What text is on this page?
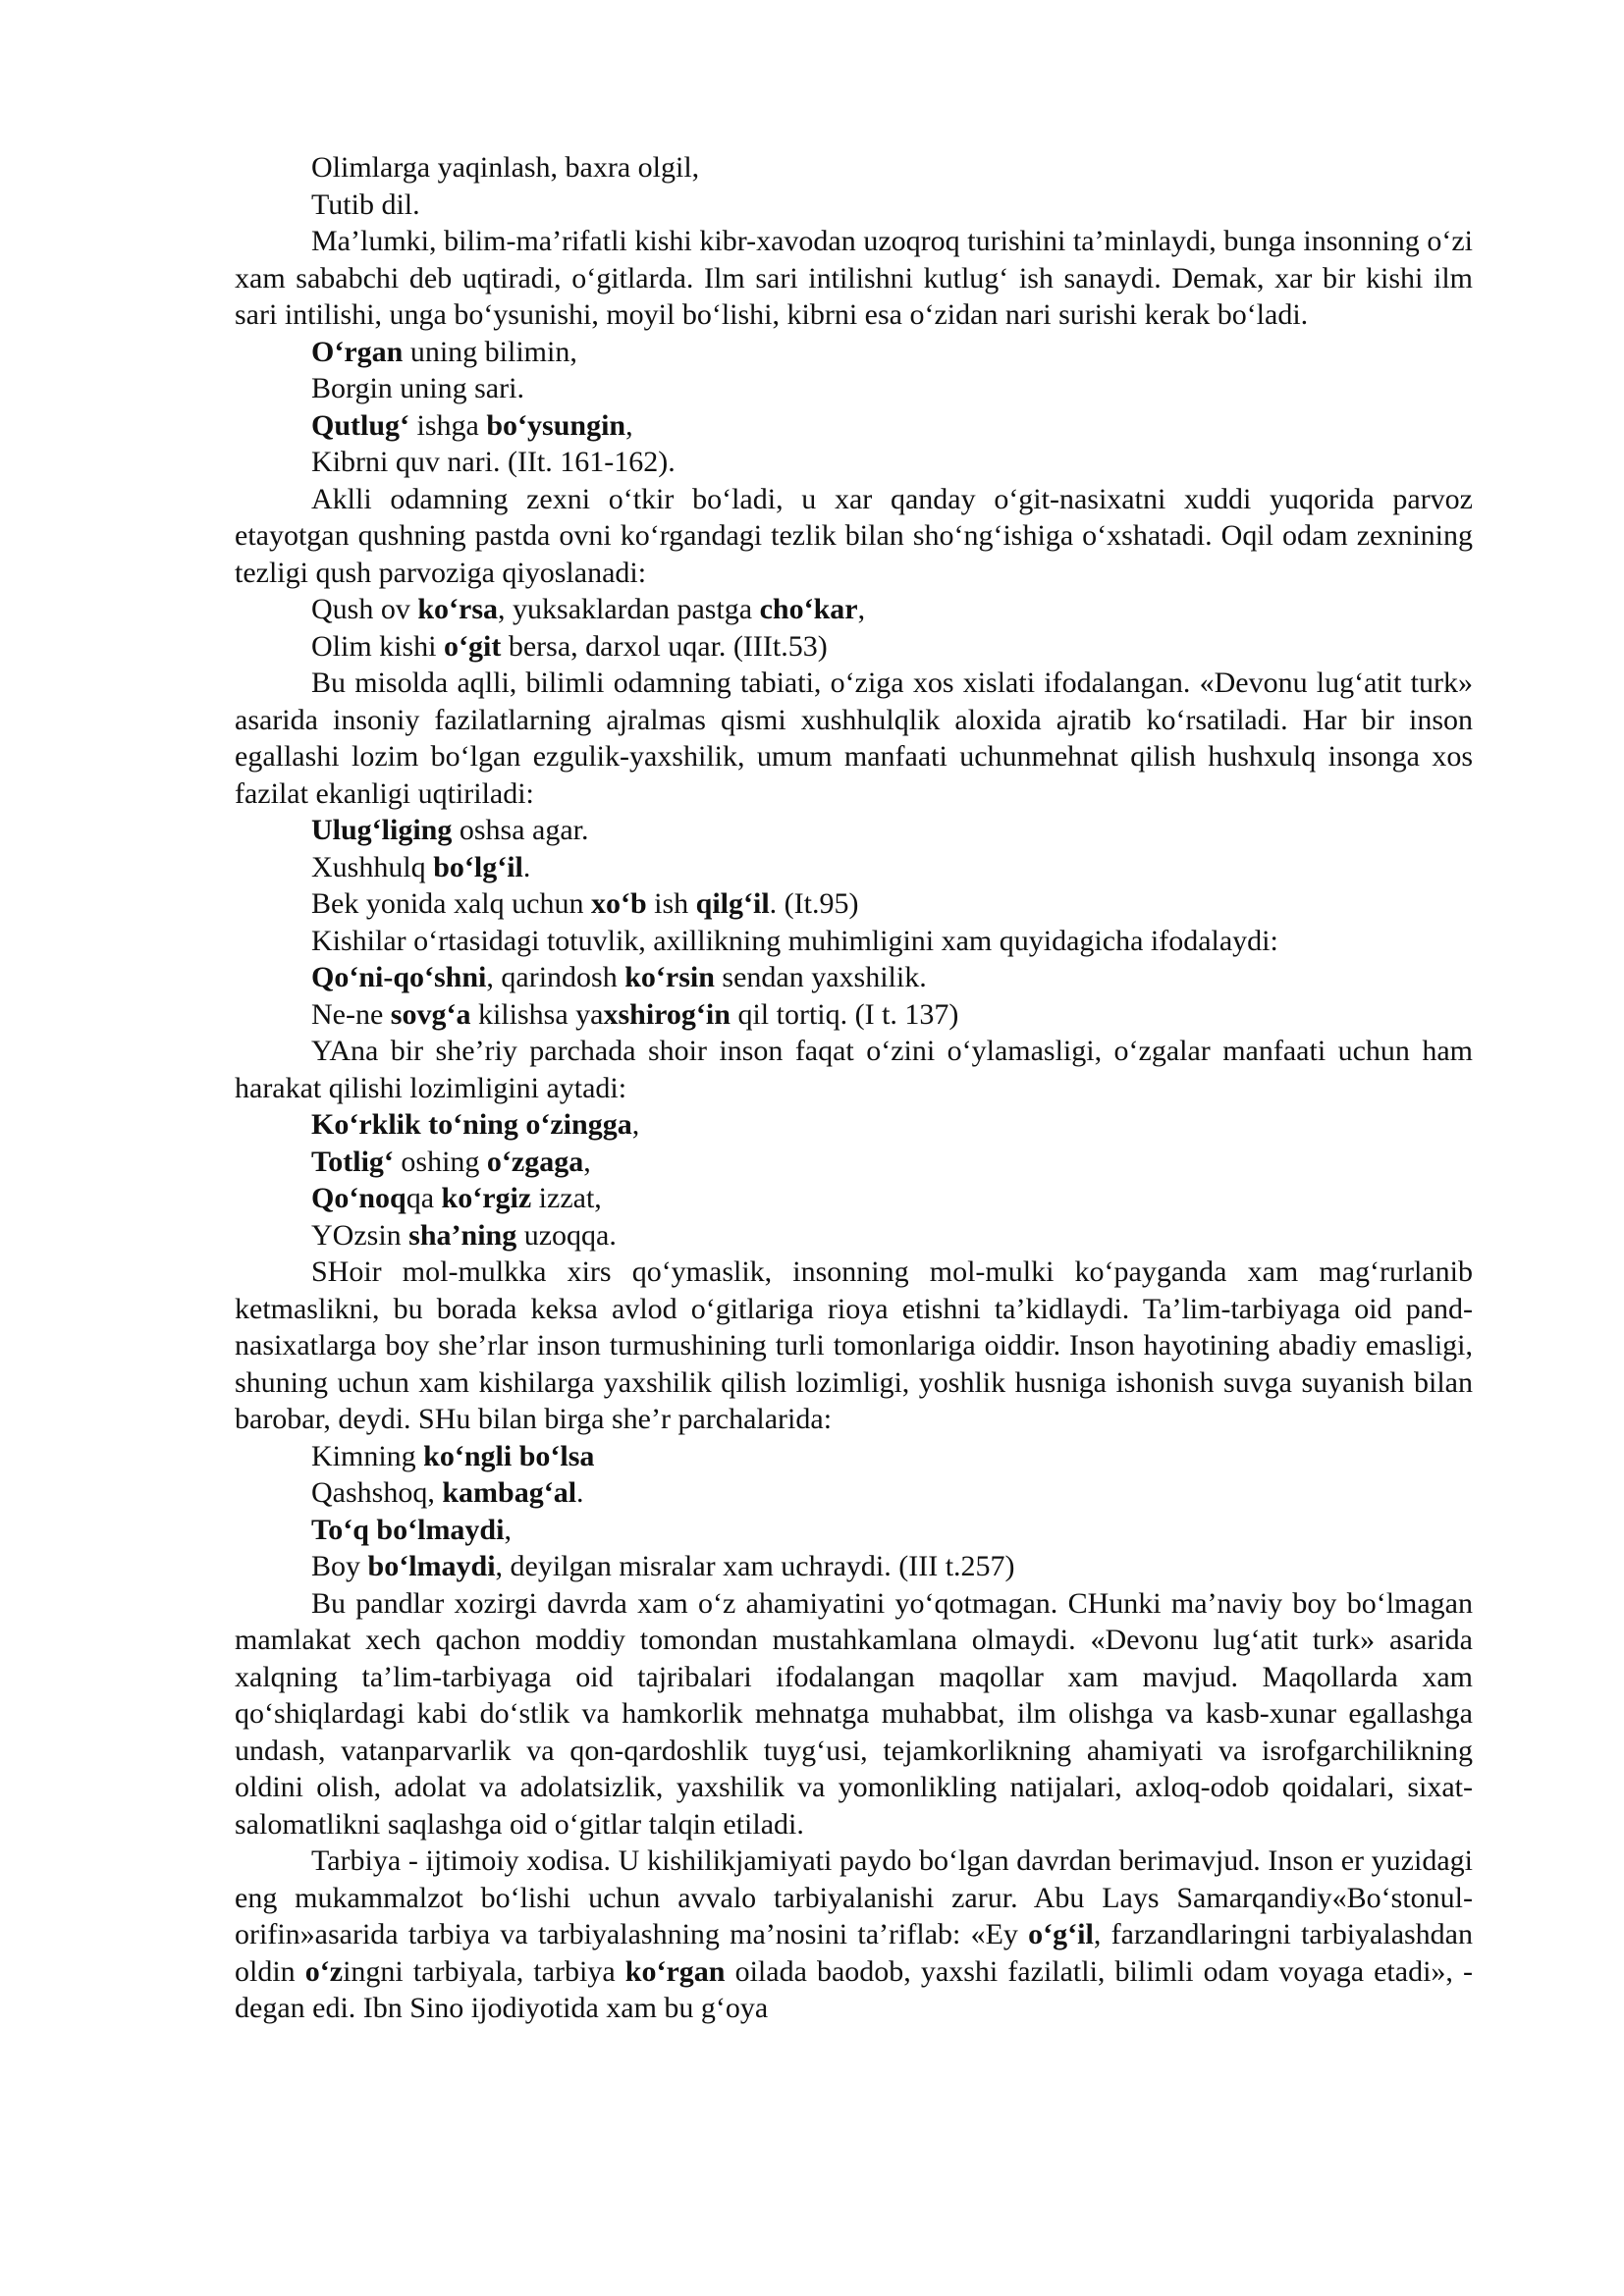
Olimlarga yaqinlash, baxra olgil,
Tutib dil.
Ma’lumki, bilim-ma’rifatli kishi kibr-xavodan uzoqroq turishini ta’minlaydi, bunga insonning o‘zi xam sababchi deb uqtiradi, o‘gitlarda. Ilm sari intilishni kutlug‘ ish sanaydi. Demak, xar bir kishi ilm sari intilishi, unga bo‘ysunishi, moyil bo‘lishi, kibrni esa o‘zidan nari surishi kerak bo‘ladi.
O‘rgan uning bilimin,
Borgin uning sari.
Qutlug‘ ishga bo‘ysungin,
Kibrni quv nari. (IIt. 161-162).
Aklli odamning zexni o‘tkir bo‘ladi, u xar qanday o‘git-nasixatni xuddi yuqorida parvoz etayotgan qushning pastda ovni ko‘rgandagi tezlik bilan sho‘ng‘ishiga o‘xshatadi. Oqil odam zexnining tezligi qush parvoziga qiyoslanadi:
Qush ov ko‘rsa, yuksaklardan pastga cho‘kar,
Olim kishi o‘git bersa, darxol uqar. (IIIt.53)
Bu misolda aqlli, bilimli odamning tabiati, o‘ziga xos xislati ifodalangan. «Devonu lug‘atit turk» asarida insoniy fazilatlarning ajralmas qismi xushhulqlik aloxida ajratib ko‘rsatiladi. Har bir inson egallashi lozim bo‘lgan ezgulik-yaxshilik, umum manfaati uchunmehnat qilish hushxulq insonga xos fazilat ekanligi uqtiriladi:
Ulug‘liging oshsa agar.
Xushhulq bo‘lg‘il.
Bek yonida xalq uchun xo‘b ish qilg‘il. (It.95)
Kishilar o‘rtasidagi totuvlik, axillikning muhimligini xam quyidagicha ifodalaydi:
Qo‘ni-qo‘shni, qarindosh ko‘rsin sendan yaxshilik.
Ne-ne sovg‘a kilishsa yaxshirog‘in qil tortiq. (I t. 137)
YAna bir she’riy parchada shoir inson faqat o‘zini o‘ylamasligi, o‘zgalar manfaati uchun ham harakat qilishi lozimligini aytadi:
Ko‘rklik to‘ning o‘zingga,
Totlig‘ oshing o‘zgaga,
Qo‘noqqa ko‘rgiz izzat,
YOzsin sha’ning uzoqqa.
SHoir mol-mulkka xirs qo‘ymaslik, insonning mol-mulki ko‘payganda xam mag‘rurlanib ketmaslikni, bu borada keksa avlod o‘gitlariga rioya etishni ta’kidlaydi. Ta’lim-tarbiyaga oid pand-nasixatlarga boy she’rlar inson turmushining turli tomonlariga oiddir. Inson hayotining abadiy emasligi, shuning uchun xam kishilarga yaxshilik qilish lozimligi, yoshlik husniga ishonish suvga suyanish bilan barobar, deydi. SHu bilan birga she’r parchalarida:
Kimning ko‘ngli bo‘lsa
Qashshoq, kambag‘al.
To‘q bo‘lmaydi,
Boy bo‘lmaydi, deyilgan misralar xam uchraydi. (III t.257)
Bu pandlar xozirgi davrda xam o‘z ahamiyatini yo‘qotmagan. CHunki ma’naviy boy bo‘lmagan mamlakat xech qachon moddiy tomondan mustahkamlana olmaydi. «Devonu lug‘atit turk» asarida xalqning ta’lim-tarbiyaga oid tajribalari ifodalangan maqollar xam mavjud. Maqollarda xam qo‘shiqlardagi kabi do‘stlik va hamkorlik mehnatga muhabbat, ilm olishga va kasb-xunar egallashga undash, vatanparvarlik va qon-qardoshlik tuyg‘usi, tejamkorlikning ahamiyati va isrofgarchilikning oldini olish, adolat va adolatsizlik, yaxshilik va yomonlikling natijalari, axloq-odob qoidalari, sixat-salomatlikni saqlashga oid o‘gitlar talqin etiladi.
Tarbiya - ijtimoiy xodisa. U kishilikjamiyati paydo bo‘lgan davrdan berimavjud. Inson er yuzidagi eng mukammalzot bo‘lishi uchun avvalo tarbiyalanishi zarur. Abu Lays Samarqandiy«Bo‘stonul-orifin»asarida tarbiya va tarbiyalashning ma’nosini ta’riflab: «Ey o‘g‘il, farzandlaringni tarbiyalashdan oldin o‘zingni tarbiyala, tarbiya ko‘rgan oilada baodob, yaxshi fazilatli, bilimli odam voyaga etadi», - degan edi. Ibn Sino ijodiyotida xam bu g‘oya
